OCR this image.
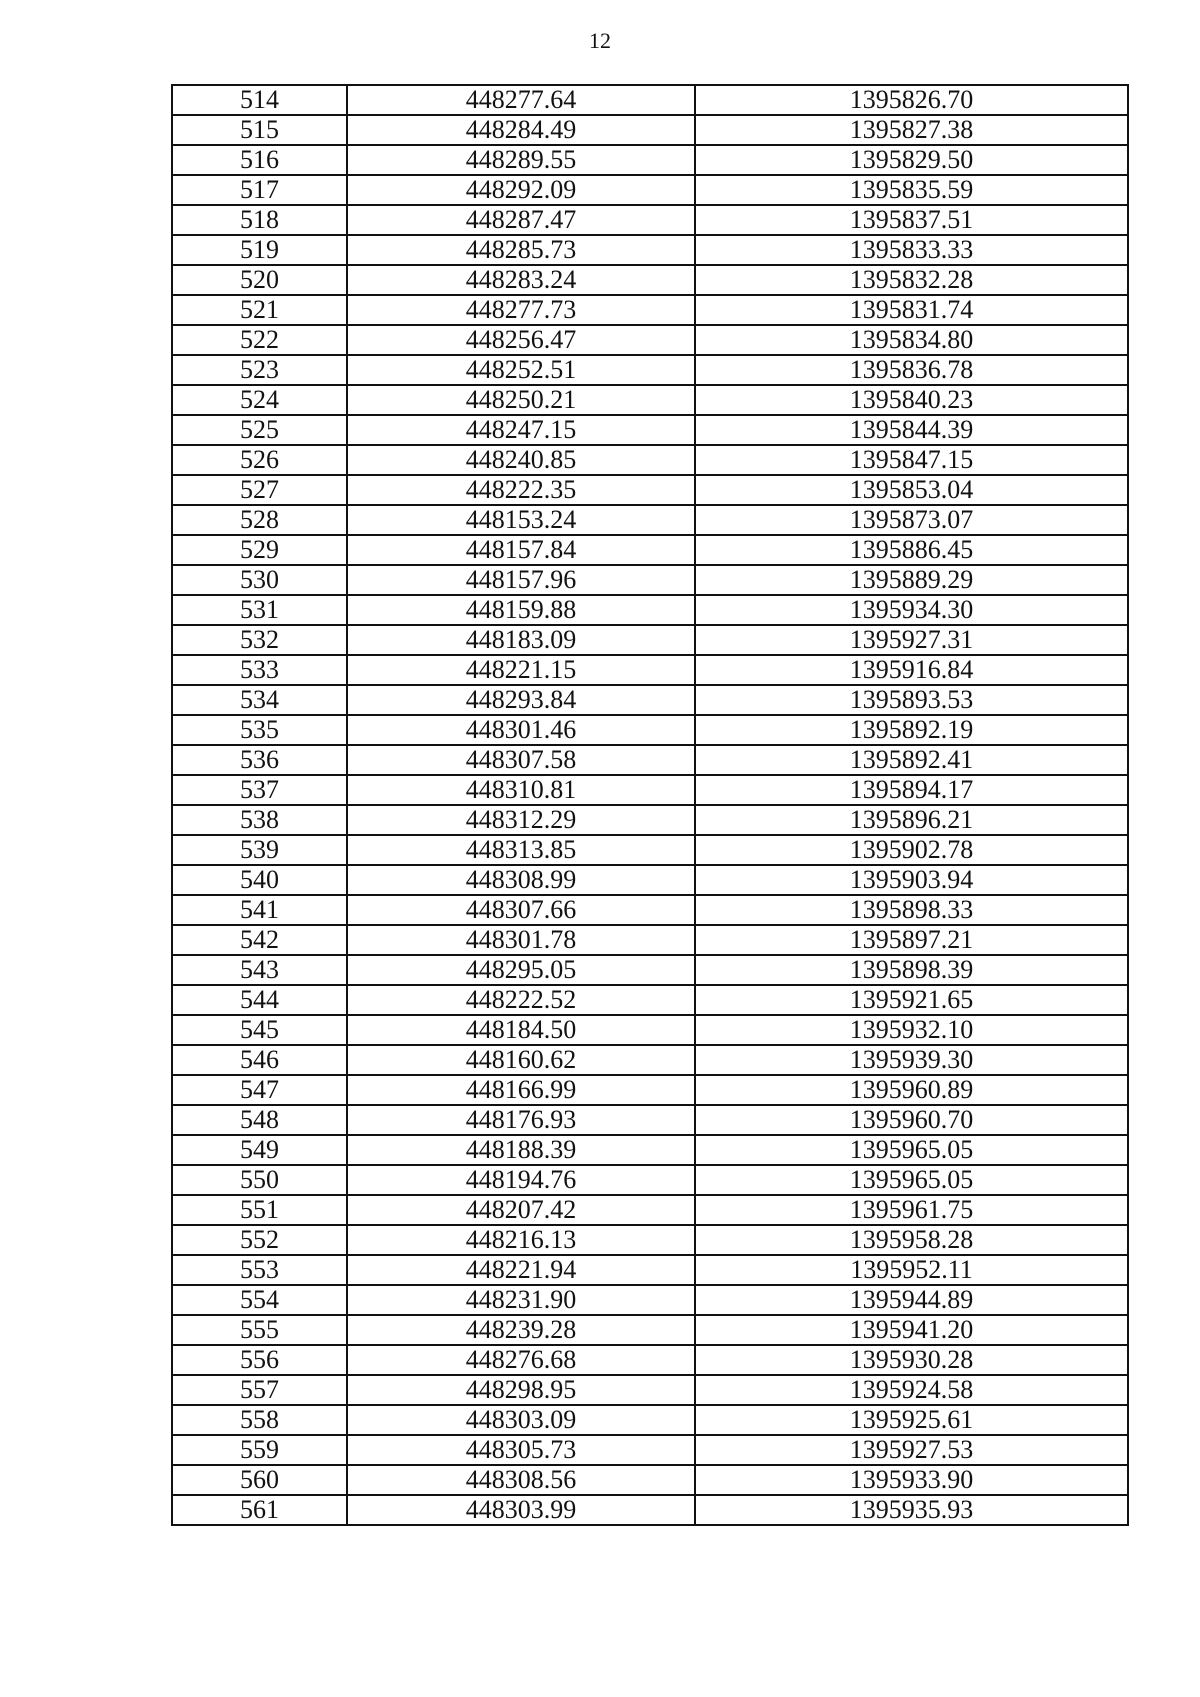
12
514	448277.64	1395826.70
515	448284.49	1395827.38
516	448289.55	1395829.50
517	448292.09	1395835.59
518	448287.47	1395837.51
519	448285.73	1395833.33
520	448283.24	1395832.28
521	448277.73	1395831.74
522	448256.47	1395834.80
523	448252.51	1395836.78
524	448250.21	1395840.23
525	448247.15	1395844.39
526	448240.85	1395847.15
527	448222.35	1395853.04
528	448153.24	1395873.07
529	448157.84	1395886.45
530	448157.96	1395889.29
531	448159.88	1395934.30
532	448183.09	1395927.31
533	448221.15	1395916.84
534	448293.84	1395893.53
535	448301.46	1395892.19
536	448307.58	1395892.41
537	448310.81	1395894.17
538	448312.29	1395896.21
539	448313.85	1395902.78
540	448308.99	1395903.94
541	448307.66	1395898.33
542	448301.78	1395897.21
543	448295.05	1395898.39
544	448222.52	1395921.65
545	448184.50	1395932.10
546	448160.62	1395939.30
547	448166.99	1395960.89
548	448176.93	1395960.70
549	448188.39	1395965.05
550	448194.76	1395965.05
551	448207.42	1395961.75
552	448216.13	1395958.28
553	448221.94	1395952.11
554	448231.90	1395944.89
555	448239.28	1395941.20
556	448276.68	1395930.28
557	448298.95	1395924.58
558	448303.09	1395925.61
559	448305.73	1395927.53
560	448308.56	1395933.90
561	448303.99	1395935.93
